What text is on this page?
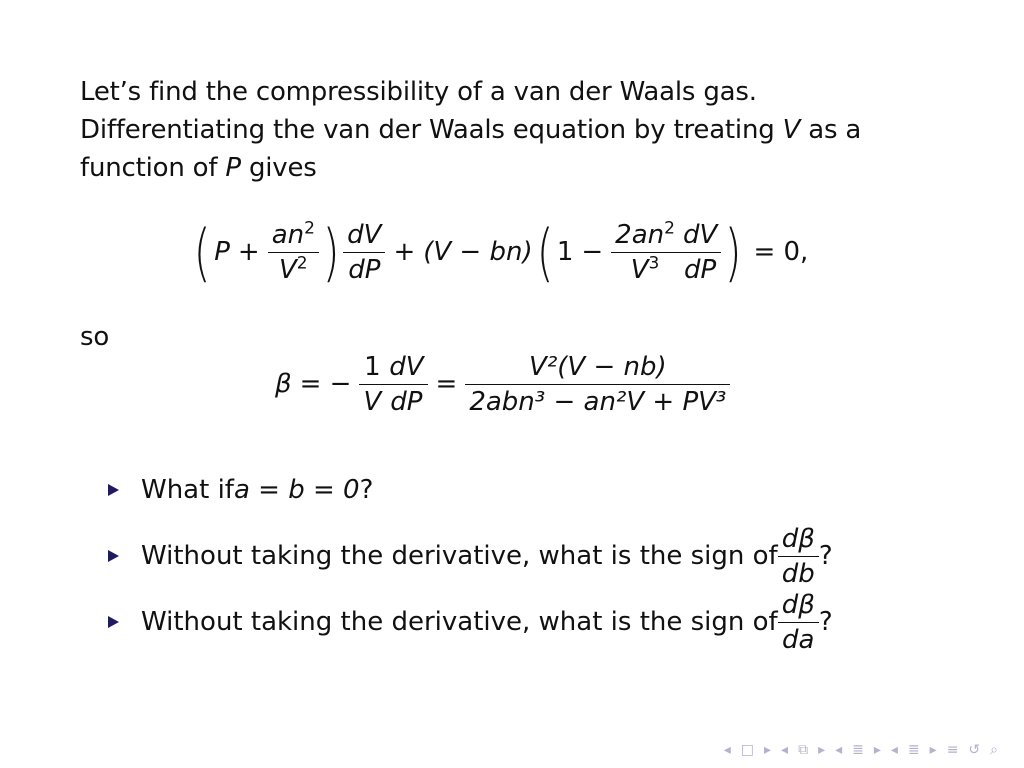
Let’s find the compressibility of a van der Waals gas.

Differentiating the van der Waals equation by treating V as a

function of P gives

( $P + \frac{an^2}{V^2}$ ) $\frac{dV}{dP} + (V - bn)$( $1 - \frac{2an^2}{V^3} \frac{dV}{dP}$ ) = 0,
so
β = − $\frac{1}{V} \frac{dV}{dP} = \frac{\text{V²(V − nb)}}{\text{2abn³ − an²V + PV³}}$
What if a = b = 0 ?
Without taking the derivative, what is the sign of $\frac{d\beta}{db}$ ?
Without taking the derivative, what is the sign of $\frac{d\beta}{da}$ ?
◂ □ ▸ ◂ ⧉ ▸ ◂ ≣ ▸ ◂ ≣ ▸ ≡ ↺ ⌕
